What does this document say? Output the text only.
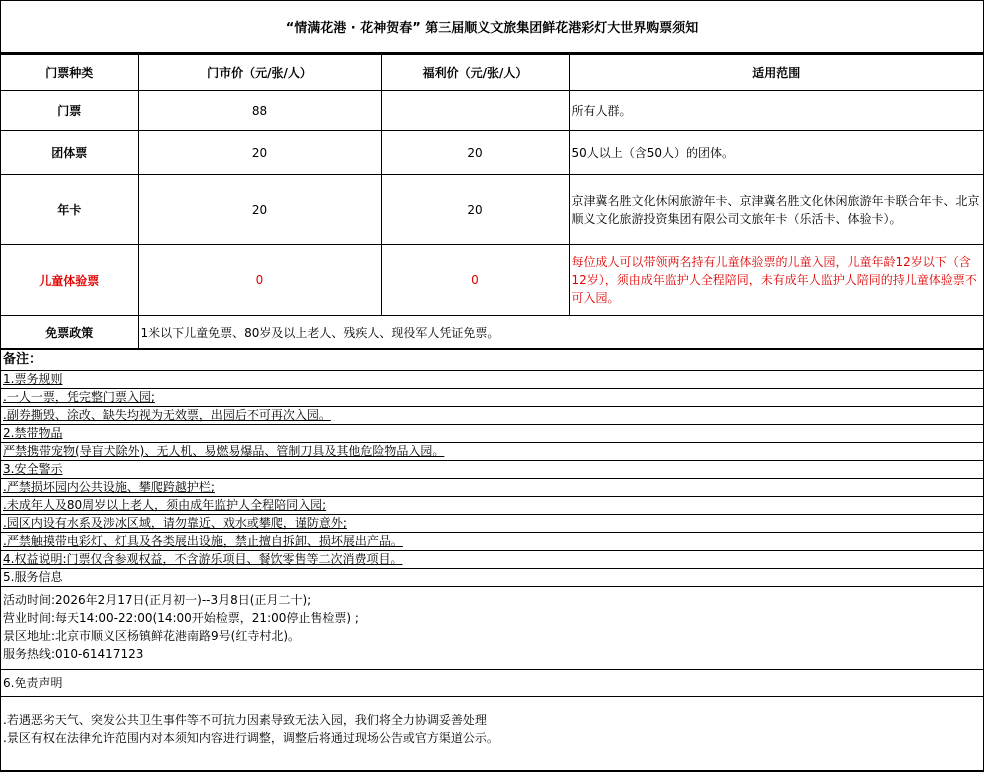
“情满花港 · 花神贺春” 第三届顺义文旅集团鲜花港彩灯大世界购票须知
门票种类	门市价（元/张/人）	福利价（元/张/人）	适用范围
门票	88		所有人群。
团体票	20	20	50人以上（含50人）的团体。
年卡	20	20	京津冀名胜文化休闲旅游年卡、京津冀名胜文化休闲旅游年卡联合年卡、北京顺义文化旅游投资集团有限公司文旅年卡（乐活卡、体验卡）。
儿童体验票	0	0	每位成人可以带领两名持有儿童体验票的儿童入园，儿童年龄12岁以下（含12岁），须由成年监护人全程陪同，未有成年人监护人陪同的持儿童体验票不可入园。
免票政策	1米以下儿童免票、80岁及以上老人、残疾人、现役军人凭证免票。		
备注：
1.票务规则
.一人一票，凭完整门票入园;
.副券撕毁、涂改、缺失均视为无效票，出园后不可再次入园。
2.禁带物品
严禁携带宠物(导盲犬除外)、无人机、易燃易爆品、管制刀具及其他危险物品入园。
3.安全警示
.严禁损坏园内公共设施、攀爬跨越护栏;
.未成年人及80周岁以上老人，须由成年监护人全程陪同入园;
.园区内设有水系及涉冰区域，请勿靠近、戏水或攀爬，谨防意外;
.严禁触摸带电彩灯、灯具及各类展出设施，禁止擅自拆卸、损坏展出产品。
4.权益说明:门票仅含参观权益，不含游乐项目、餐饮零售等二次消费项目。
5.服务信息
活动时间:2026年2月17日(正月初一)--3月8日(正月二十);
营业时间:每天14:00-22:00(14:00开始检票，21:00停止售检票) ;
景区地址:北京市顺义区杨镇鲜花港南路9号(红寺村北)。
服务热线:010-61417123
6.免责声明
.若遇恶劣天气、突发公共卫生事件等不可抗力因素导致无法入园，我们将全力协调妥善处理
.景区有权在法律允许范围内对本须知内容进行调整，调整后将通过现场公告或官方渠道公示。
